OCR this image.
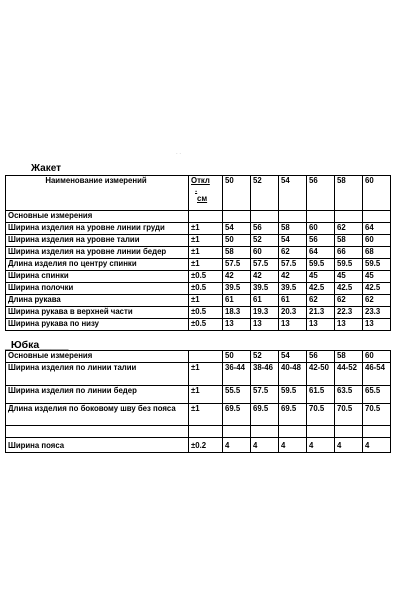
. .
Жакет
Наименование измерений	Откл
.
см	50	52	54	56	58	60
Основные измерения							
Ширина изделия на уровне линии груди	±1	54	56	58	60	62	64
Ширина изделия на уровне талии	±1	50	52	54	56	58	60
Ширина изделия на уровне линии бедер	±1	58	60	62	64	66	68
Длина изделия по центру спинки	±1	57.5	57.5	57.5	59.5	59.5	59.5
Ширина спинки	±0.5	42	42	42	45	45	45
Ширина полочки	±0.5	39.5	39.5	39.5	42.5	42.5	42.5
Длина рукава	±1	61	61	61	62	62	62
Ширина рукава в верхней части	±0.5	18.3	19.3	20.3	21.3	22.3	23.3
Ширина рукава по низу	±0.5	13	13	13	13	13	13
_Юбка_____
Основные измерения		50	52	54	56	58	60
Ширина изделия по линии талии	±1	36-44	38-46	40-48	42-50	44-52	46-54
Ширина изделия по линии бедер	±1	55.5	57.5	59.5	61.5	63.5	65.5
Длина изделия по боковому шву без пояса	±1	69.5	69.5	69.5	70.5	70.5	70.5

Ширина пояса	±0.2	4	4	4	4	4	4
